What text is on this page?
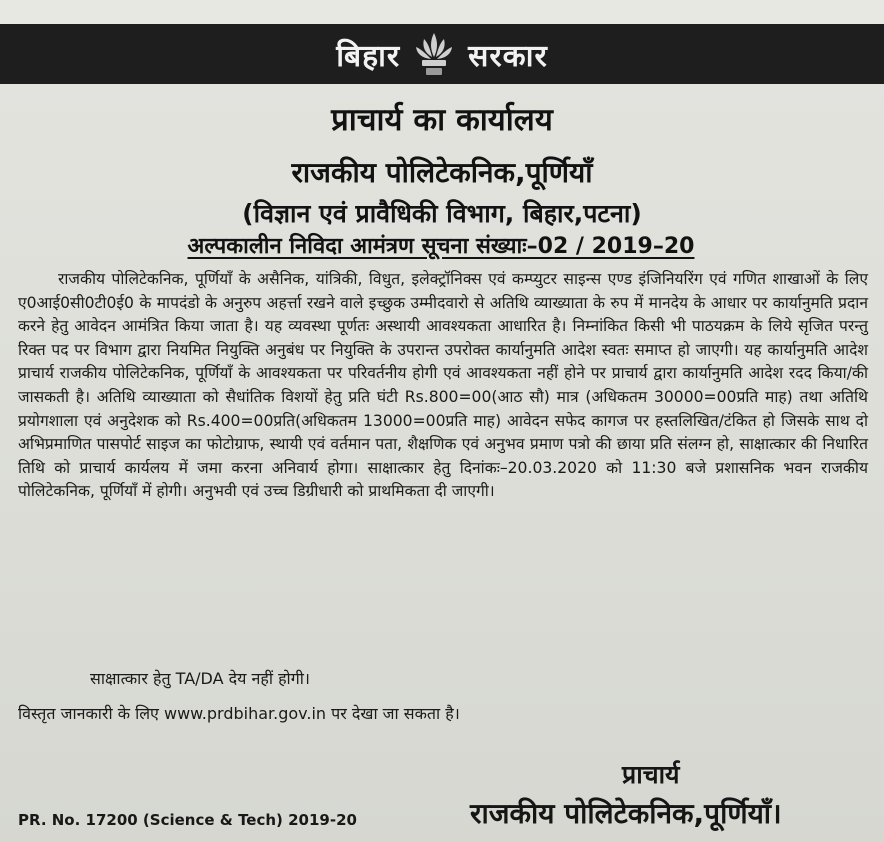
बिहार सरकार
प्राचार्य का कार्यालय
राजकीय पोलिटेकनिक,पूर्णियाँ
(विज्ञान एवं प्रावैधिकी विभाग, बिहार,पटना)
अल्पकालीन निविदा आमंत्रण सूचना संख्याः–02 / 2019–20
राजकीय पोलिटेकनिक, पूर्णियाँ के असैनिक, यांत्रिकी, विधुत, इलेक्ट्रॉनिक्स एवं कम्प्युटर साइन्स एण्ड इंजिनियरिंग एवं गणित शाखाओं के लिए ए0आई0सी0टी0ई0 के मापदंडो के अनुरुप अहर्त्ता रखने वाले इच्छुक उम्मीदवारो से अतिथि व्याख्याता के रुप में मानदेय के आधार पर कार्यानुमति प्रदान करने हेतु आवेदन आमंत्रित किया जाता है। यह व्यवस्था पूर्णतः अस्थायी आवश्यकता आधारित है। निम्नांकित किसी भी पाठयक्रम के लिये सृजित परन्तु रिक्त पद पर विभाग द्वारा नियमित नियुक्ति अनुबंध पर नियुक्ति के उपरान्त उपरोक्त कार्यानुमति आदेश स्वतः समाप्त हो जाएगी। यह कार्यानुमति आदेश प्राचार्य राजकीय पोलिटेकनिक, पूर्णियाँ के आवश्यकता पर परिवर्तनीय होगी एवं आवश्यकता नहीं होने पर प्राचार्य द्वारा कार्यानुमति आदेश रदद किया/की जासकती है। अतिथि व्याख्याता को सैधांतिक विशयों हेतु प्रति घंटी Rs.800=00(आठ सौ) मात्र (अधिकतम 30000=00प्रति माह) तथा अतिथि प्रयोगशाला एवं अनुदेशक को Rs.400=00प्रति(अधिकतम 13000=00प्रति माह) आवेदन सफेद कागज पर हस्तलिखित/टंकित हो जिसके साथ दो अभिप्रमाणित पासपोर्ट साइज का फोटोग्राफ, स्थायी एवं वर्तमान पता, शैक्षणिक एवं अनुभव प्रमाण पत्रो की छाया प्रति संलग्न हो, साक्षात्कार की निधारित तिथि को प्राचार्य कार्यलय में जमा करना अनिवार्य होगा। साक्षात्कार हेतु दिनांकः–20.03.2020 को 11:30 बजे प्रशासनिक भवन राजकीय पोलिटेकनिक, पूर्णियाँ में होगी। अनुभवी एवं उच्च डिग्रीधारी को प्राथमिकता दी जाएगी।
साक्षात्कार हेतु TA/DA देय नहीं होगी।
विस्तृत जानकारी के लिए www.prdbihar.gov.in पर देखा जा सकता है।
प्राचार्य
राजकीय पोलिटेकनिक,पूर्णियाँ।
PR. No. 17200 (Science & Tech) 2019-20
